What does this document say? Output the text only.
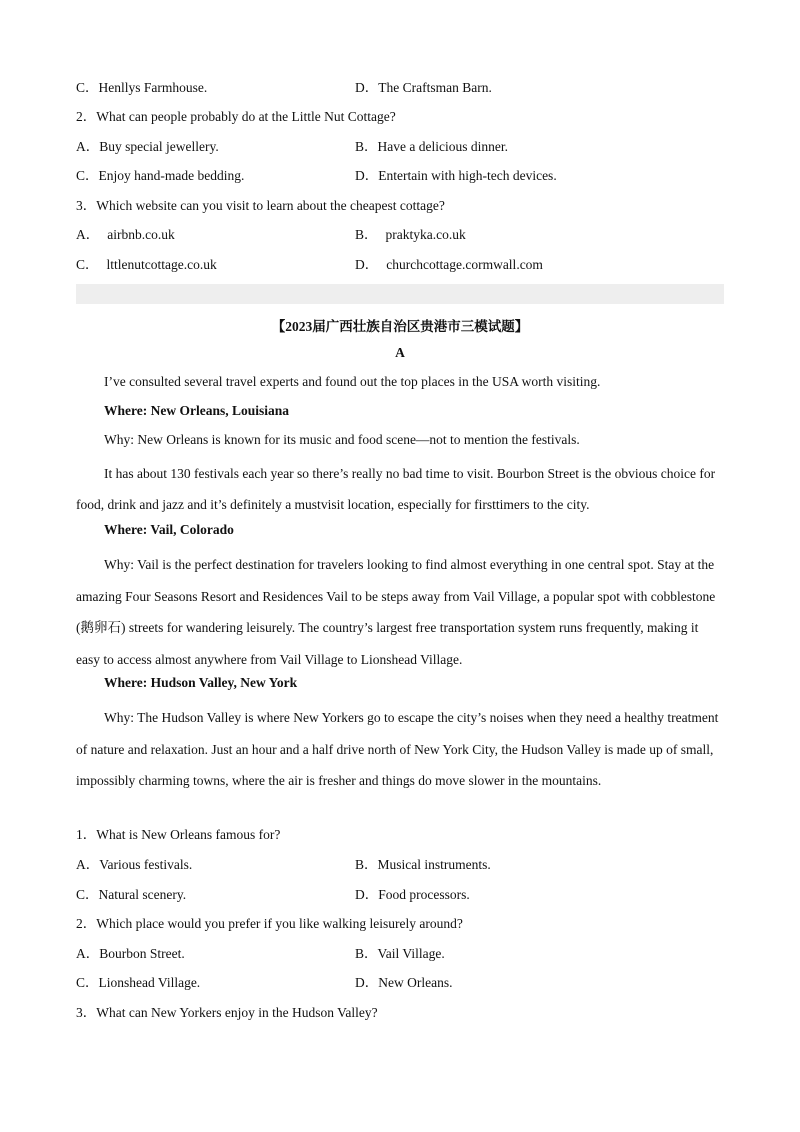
C．Henllys Farmhouse.	D．The Craftsman Barn.
2．What can people probably do at the Little Nut Cottage?
A．Buy special jewellery.	B．Have a delicious dinner.
C．Enjoy hand-made bedding.	D．Entertain with high-tech devices.
3．Which website can you visit to learn about the cheapest cottage?
A． airbnb.co.uk	B． praktyka.co.uk
C． lttlenutcottage.co.uk	D． churchcottage.cormwall.com
【2023届广西壮族自治区贵港市三模试题】
A
I’ve consulted several travel experts and found out the top places in the USA worth visiting.
Where: New Orleans, Louisiana
Why: New Orleans is known for its music and food scene—not to mention the festivals.
It has about 130 festivals each year so there’s really no bad time to visit. Bourbon Street is the obvious choice for food, drink and jazz and it’s definitely a mustvisit location, especially for firsttimers to the city.
Where: Vail, Colorado
Why: Vail is the perfect destination for travelers looking to find almost everything in one central spot. Stay at the amazing Four Seasons Resort and Residences Vail to be steps away from Vail Village, a popular spot with cobblestone (鹅卵石) streets for wandering leisurely. The country’s largest free transportation system runs frequently, making it easy to access almost anywhere from Vail Village to Lionshead Village.
Where: Hudson Valley, New York
Why: The Hudson Valley is where New Yorkers go to escape the city’s noises when they need a healthy treatment of nature and relaxation. Just an hour and a half drive north of New York City, the Hudson Valley is made up of small, impossibly charming towns, where the air is fresher and things do move slower in the mountains.
1．What is New Orleans famous for?
A．Various festivals.	B．Musical instruments.
C．Natural scenery.	D．Food processors.
2．Which place would you prefer if you like walking leisurely around?
A．Bourbon Street.	B．Vail Village.
C．Lionshead Village.	D．New Orleans.
3．What can New Yorkers enjoy in the Hudson Valley?
